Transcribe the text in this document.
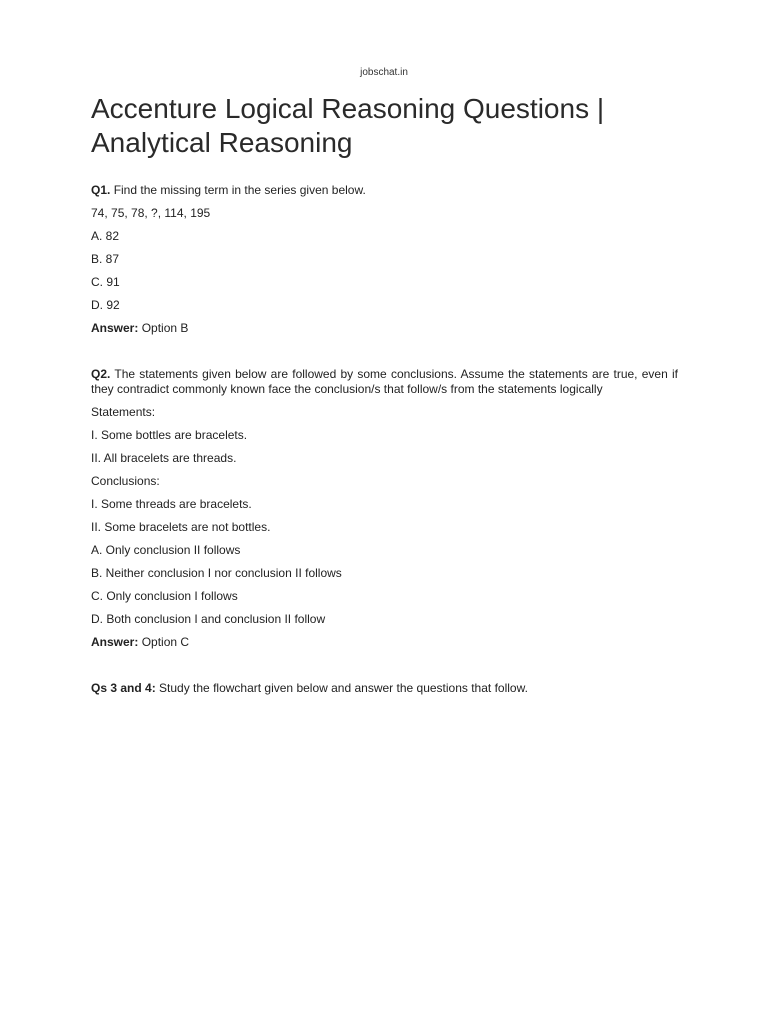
jobschat.in
Accenture Logical Reasoning Questions | Analytical Reasoning
Q1. Find the missing term in the series given below.
74, 75, 78, ?, 114, 195
A. 82
B. 87
C. 91
D. 92
Answer: Option B
Q2. The statements given below are followed by some conclusions. Assume the statements are true, even if they contradict commonly known face the conclusion/s that follow/s from the statements logically
Statements:
I. Some bottles are bracelets.
II. All bracelets are threads.
Conclusions:
I. Some threads are bracelets.
II. Some bracelets are not bottles.
A. Only conclusion II follows
B. Neither conclusion I nor conclusion II follows
C. Only conclusion I follows
D. Both conclusion I and conclusion II follow
Answer: Option C
Qs 3 and 4: Study the flowchart given below and answer the questions that follow.
